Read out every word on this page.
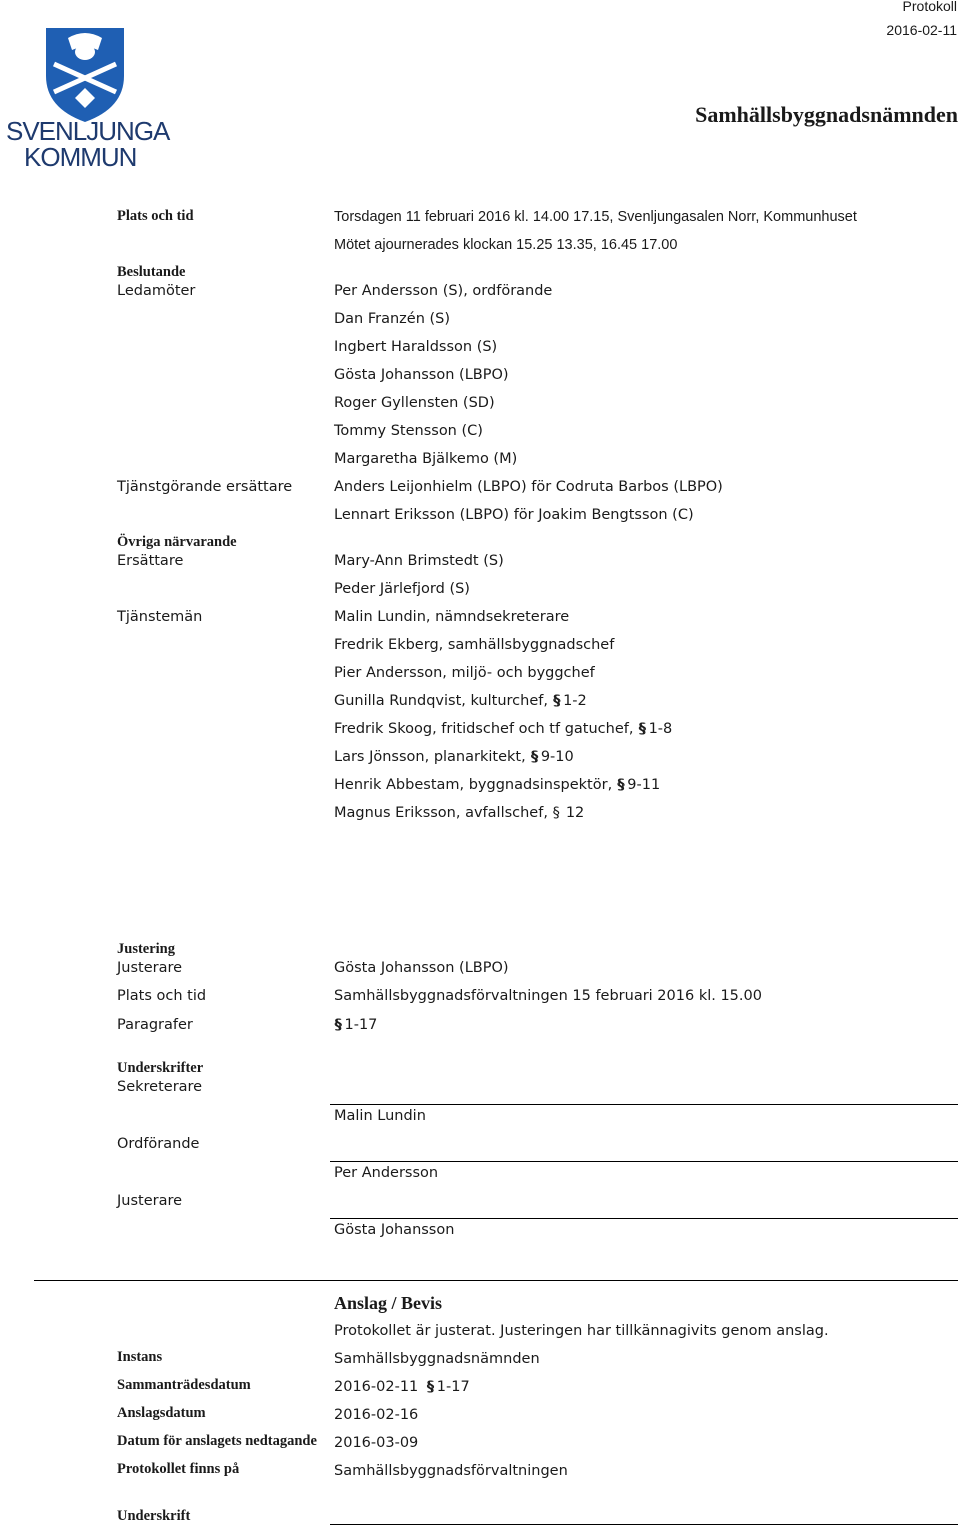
Protokoll
2016-02-11
Samhällsbyggnadsnämnden
SVENLJUNGA
KOMMUN
Plats och tid	Torsdagen 11 februari 2016 kl. 14.00 17.15, Svenljungasalen Norr, Kommunhuset
Mötet ajournerades klockan 15.25 13.35, 16.45 17.00
Beslutande
Ledamöter	Per Andersson (S), ordförande
Dan Franzén (S)
Ingbert Haraldsson (S)
Gösta Johansson (LBPO)
Roger Gyllensten (SD)
Tommy Stensson (C)
Margaretha Bjälkemo (M)
Tjänstgörande ersättare	Anders Leijonhielm (LBPO) för Codruta Barbos (LBPO)
Lennart Eriksson (LBPO) för Joakim Bengtsson (C)
Övriga närvarande
Ersättare	Mary-Ann Brimstedt (S)
Peder Järlefjord (S)
Tjänstemän	Malin Lundin, nämndsekreterare
Fredrik Ekberg, samhällsbyggnadschef
Pier Andersson, miljö- och byggchef
Gunilla Rundqvist, kulturchef, §§ 1-2
Fredrik Skoog, fritidschef och tf gatuchef, §§ 1-8
Lars Jönsson, planarkitekt, §§ 9-10
Henrik Abbestam, byggnadsinspektör, §§ 9-11
Magnus Eriksson, avfallschef, § 12
Justering
Justerare	Gösta Johansson (LBPO)
Plats och tid	Samhällsbyggnadsförvaltningen 15 februari 2016 kl. 15.00
Paragrafer	§§ 1-17
Underskrifter
Sekreterare
Malin Lundin
Ordförande
Per Andersson
Justerare
Gösta Johansson
Anslag / Bevis
Protokollet är justerat. Justeringen har tillkännagivits genom anslag.
Instans	Samhällsbyggnadsnämnden
Sammanträdesdatum	2016-02-11 §§ 1-17
Anslagsdatum	2016-02-16
Datum för anslagets nedtagande 2016-03-09
Protokollet finns på	Samhällsbyggnadsförvaltningen
Underskrift
